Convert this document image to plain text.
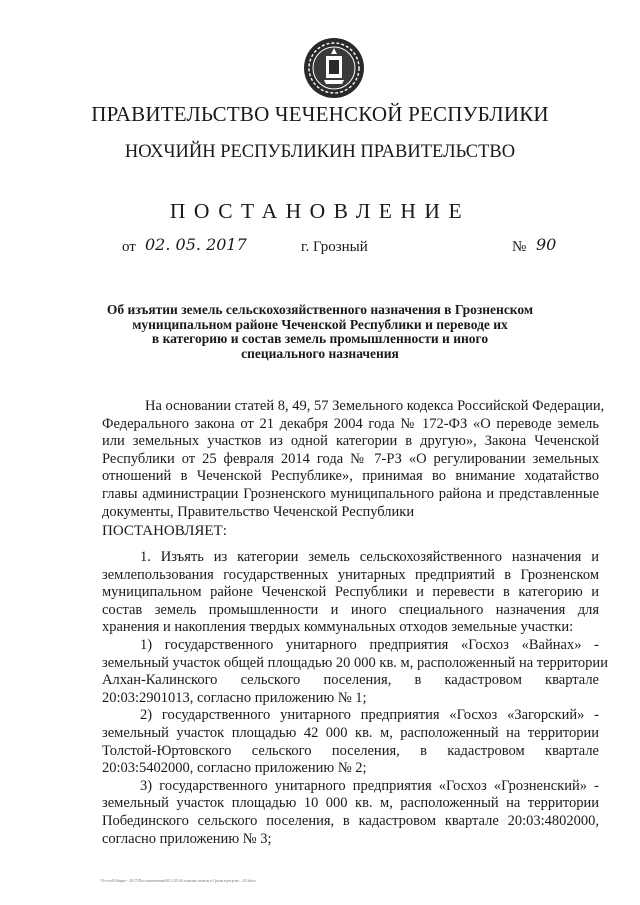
ПРАВИТЕЛЬСТВО ЧЕЧЕНСКОЙ РЕСПУБЛИКИ
НОХЧИЙН РЕСПУБЛИКИН ПРАВИТЕЛЬСТВО
ПОСТАНОВЛЕНИЕ
от 02. 05. 2017	г. Грозный	№ 90
Об изъятии земель сельскохозяйственного назначения в Грозненском
муниципальном районе Чеченской Республики и переводе их
в категорию и состав земель промышленности и иного
специального назначения
На основании статей 8, 49, 57 Земельного кодекса Российской Федерации,
Федерального закона от 21 декабря 2004 года № 172-ФЗ «О переводе земель
или земельных участков из одной категории в другую», Закона Чеченской
Республики от 25 февраля 2014 года № 7-РЗ «О регулировании земельных
отношений в Чеченской Республике», принимая во внимание ходатайство
главы администрации Грозненского муниципального района и представленные
документы, Правительство Чеченской Республики
ПОСТАНОВЛЯЕТ:
1. Изъять из категории земель сельскохозяйственного назначения и
землепользования государственных унитарных предприятий в Грозненском
муниципальном районе Чеченской Республики и перевести в категорию и
состав земель промышленности и иного специального назначения для
хранения и накопления твердых коммунальных отходов земельные участки:
1) государственного унитарного предприятия «Госхоз «Вайнах» -
земельный участок общей площадью 20 000 кв. м, расположенный на территории
Алхан-Калинского сельского поселения, в кадастровом квартале
20:03:2901013, согласно приложению № 1;
2) государственного унитарного предприятия «Госхоз «Загорский» -
земельный участок площадью 42 000 кв. м, расположенный на территории
Толстой-Юртовского сельского поселения, в кадастровом квартале
20:03:5402000, согласно приложению № 2;
3) государственного унитарного предприятия «Госхоз «Грозненский» -
земельный участок площадью 10 000 кв. м, расположенный на территории
Побединского сельского поселения, в кадастровом квартале 20:03:4802000,
согласно приложению № 3;
\\Fs-ecd\Общие - 2017\Постановления\90 2.05.04 изъятие земель в Грозн.мун.р-не—03.docx
